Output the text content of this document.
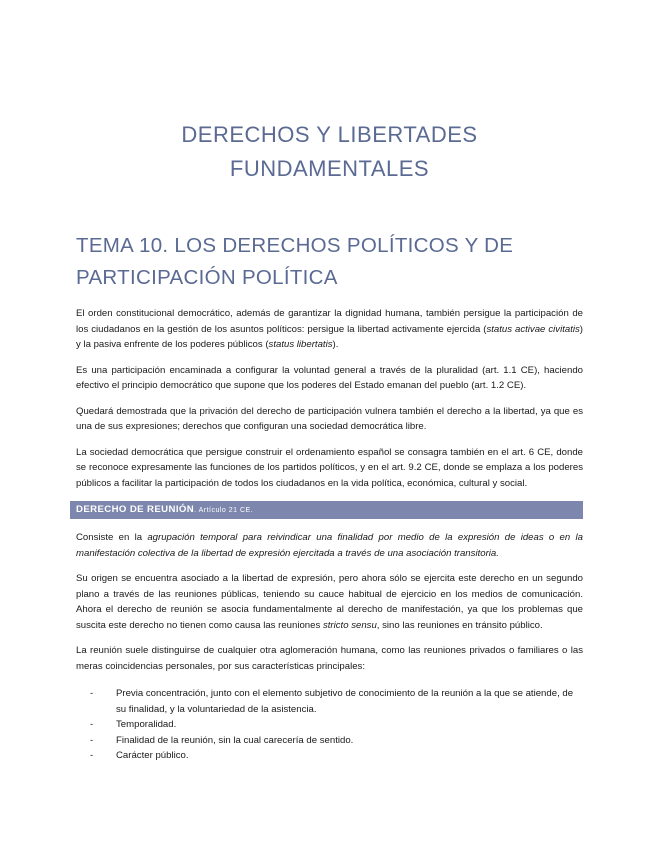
DERECHOS Y LIBERTADES
FUNDAMENTALES
TEMA 10. LOS DERECHOS POLÍTICOS Y DE
PARTICIPACIÓN POLÍTICA

El orden constitucional democrático, además de garantizar la dignidad humana, también persigue la participación de los ciudadanos en la gestión de los asuntos políticos: persigue la libertad activamente ejercida (status activae civitatis) y la pasiva enfrente de los poderes públicos (status libertatis).

Es una participación encaminada a configurar la voluntad general a través de la pluralidad (art. 1.1 CE), haciendo efectivo el principio democrático que supone que los poderes del Estado emanan del pueblo (art. 1.2 CE).

Quedará demostrada que la privación del derecho de participación vulnera también el derecho a la libertad, ya que es una de sus expresiones; derechos que configuran una sociedad democrática libre.

La sociedad democrática que persigue construir el ordenamiento español se consagra también en el art. 6 CE, donde se reconoce expresamente las funciones de los partidos políticos, y en el art. 9.2 CE, donde se emplaza a los poderes públicos a facilitar la participación de todos los ciudadanos en la vida política, económica, cultural y social.

DERECHO DE REUNIÓN. Artículo 21 CE.

Consiste en la agrupación temporal para reivindicar una finalidad por medio de la expresión de ideas o en la manifestación colectiva de la libertad de expresión ejercitada a través de una asociación transitoria.

Su origen se encuentra asociado a la libertad de expresión, pero ahora sólo se ejercita este derecho en un segundo plano a través de las reuniones públicas, teniendo su cauce habitual de ejercicio en los medios de comunicación. Ahora el derecho de reunión se asocia fundamentalmente al derecho de manifestación, ya que los problemas que suscita este derecho no tienen como causa las reuniones stricto sensu, sino las reuniones en tránsito público.

La reunión suele distinguirse de cualquier otra aglomeración humana, como las reuniones privados o familiares o las meras coincidencias personales, por sus características principales:

- Previa concentración, junto con el elemento subjetivo de conocimiento de la reunión a la que se atiende, de su finalidad, y la voluntariedad de la asistencia.
- Temporalidad.
- Finalidad de la reunión, sin la cual carecería de sentido.
- Carácter público.
